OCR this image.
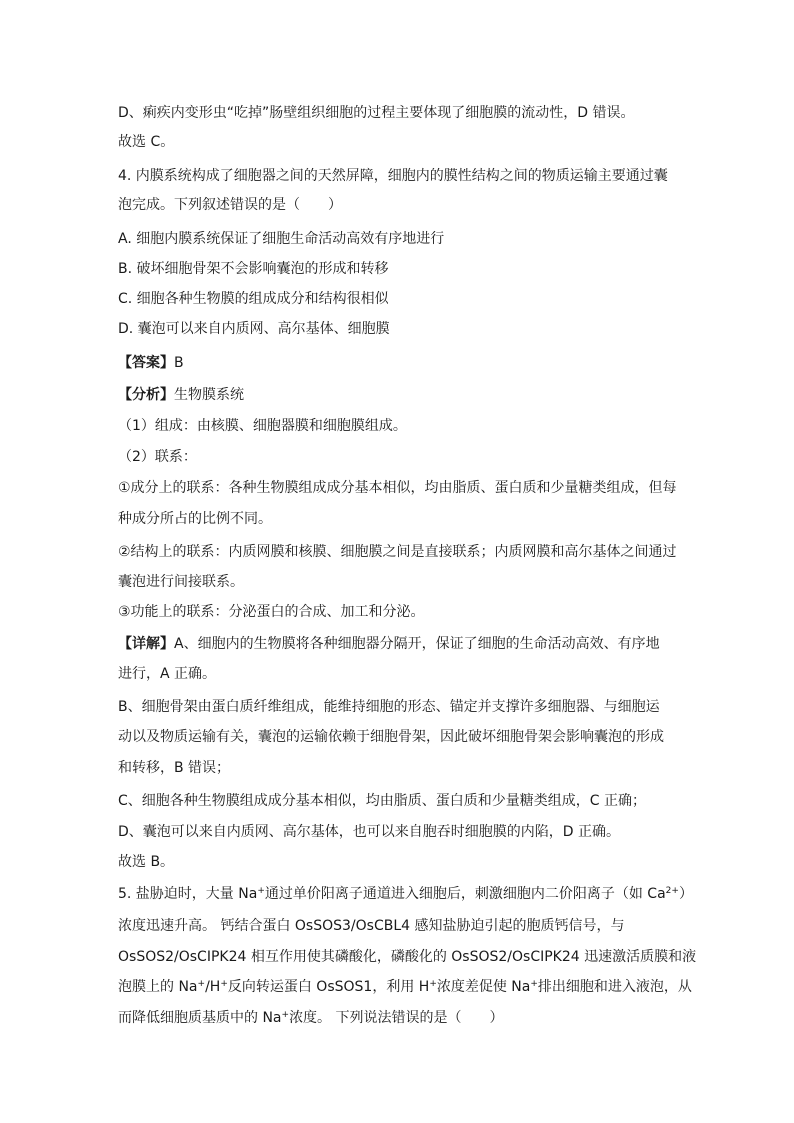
D、痢疾内变形虫“吃掉”肠壁组织细胞的过程主要体现了细胞膜的流动性，D 错误。
故选 C。
4. 内膜系统构成了细胞器之间的天然屏障，细胞内的膜性结构之间的物质运输主要通过囊
泡完成。下列叙述错误的是（　　）
A. 细胞内膜系统保证了细胞生命活动高效有序地进行
B. 破坏细胞骨架不会影响囊泡的形成和转移
C. 细胞各种生物膜的组成成分和结构很相似
D. 囊泡可以来自内质网、高尔基体、细胞膜
【答案】B
【分析】生物膜系统
（1）组成：由核膜、细胞器膜和细胞膜组成。
（2）联系：
①成分上的联系：各种生物膜组成成分基本相似，均由脂质、蛋白质和少量糖类组成，但每
种成分所占的比例不同。
②结构上的联系：内质网膜和核膜、细胞膜之间是直接联系；内质网膜和高尔基体之间通过
囊泡进行间接联系。
③功能上的联系：分泌蛋白的合成、加工和分泌。
【详解】A、细胞内的生物膜将各种细胞器分隔开，保证了细胞的生命活动高效、有序地
进行，A 正确。
B、细胞骨架由蛋白质纤维组成，能维持细胞的形态、锚定并支撑许多细胞器、与细胞运
动以及物质运输有关，囊泡的运输依赖于细胞骨架，因此破坏细胞骨架会影响囊泡的形成
和转移，B 错误；
C、细胞各种生物膜组成成分基本相似，均由脂质、蛋白质和少量糖类组成，C 正确；
D、囊泡可以来自内质网、高尔基体，也可以来自胞吞时细胞膜的内陷，D 正确。
故选 B。
5. 盐胁迫时，大量 Na+通过单价阳离子通道进入细胞后，刺激细胞内二价阳离子（如 $Ca^{2+}$）
浓度迅速升高。 钙结合蛋白 OsSOS3/OsCBL4 感知盐胁迫引起的胞质钙信号，与
OsSOS2/OsCIPK24 相互作用使其磷酸化，磷酸化的 OsSOS2/OsCIPK24 迅速激活质膜和液
泡膜上的 Na+/H+反向转运蛋白 OsSOS1，利用 H+浓度差促使 Na+排出细胞和进入液泡，从
而降低细胞质基质中的 Na+浓度。 下列说法错误的是（　　）
